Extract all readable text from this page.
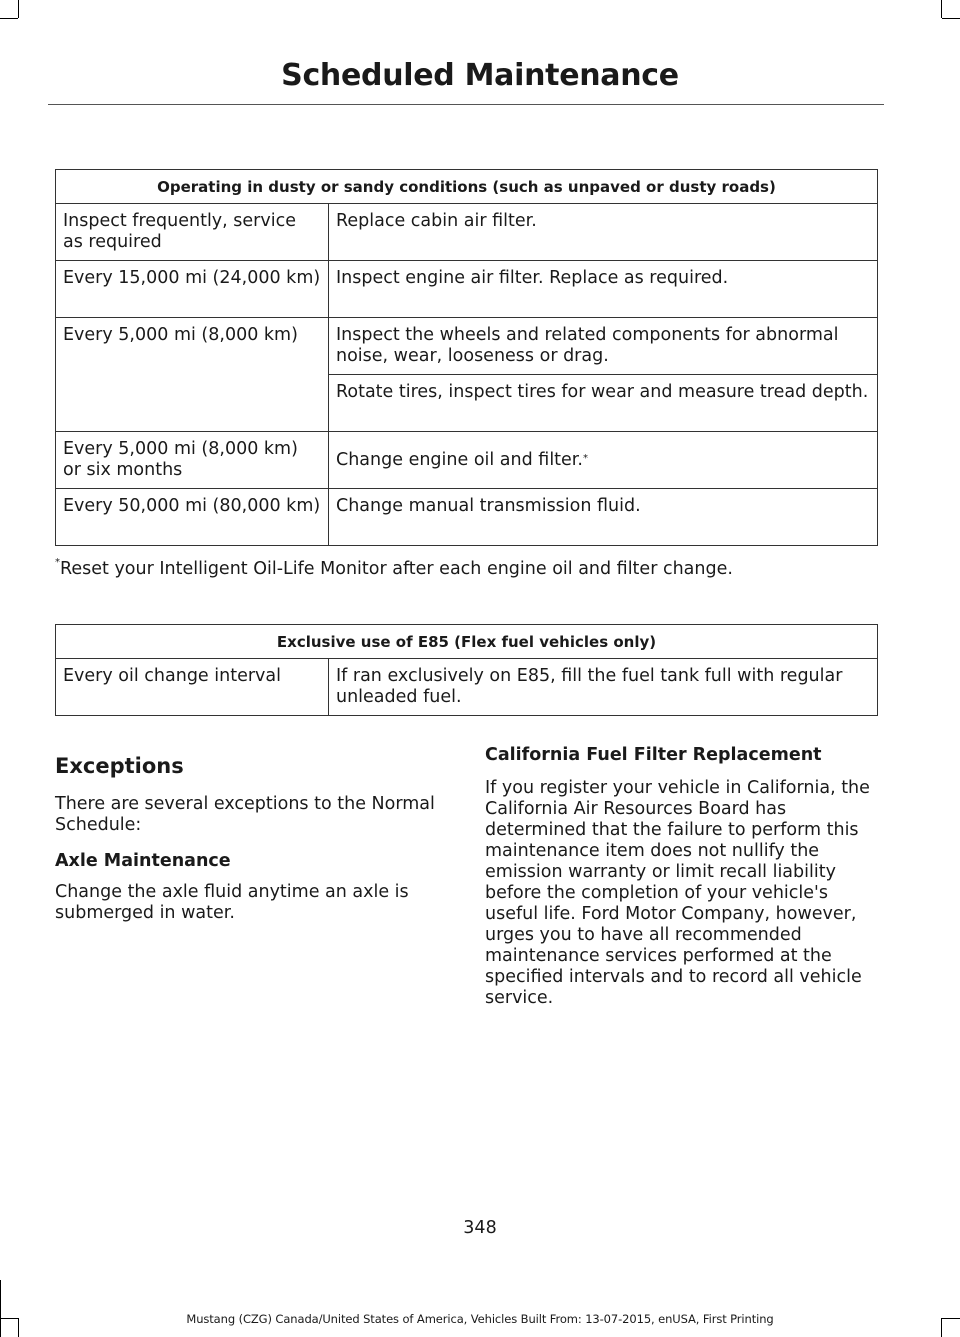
Scheduled Maintenance
Operating in dusty or sandy conditions (such as unpaved or dusty roads)	
Inspect frequently, service as required	Replace cabin air filter.
Every 15,000 mi (24,000 km)	Inspect engine air filter. Replace as required.
Every 5,000 mi (8,000 km)	Inspect the wheels and related components for abnormal noise, wear, looseness or drag.
	Rotate tires, inspect tires for wear and measure tread depth.
Every 5,000 mi (8,000 km) or six months	Change engine oil and filter.*
Every 50,000 mi (80,000 km)	Change manual transmission fluid.
*Reset your Intelligent Oil-Life Monitor after each engine oil and filter change.
Exclusive use of E85 (Flex fuel vehicles only)
Every oil change interval	If ran exclusively on E85, fill the fuel tank full with regular unleaded fuel.
Exceptions

There are several exceptions to the Normal Schedule:

Axle Maintenance

Change the axle fluid anytime an axle is submerged in water.

California Fuel Filter Replacement

If you register your vehicle in California, the California Air Resources Board has determined that the failure to perform this maintenance item does not nullify the emission warranty or limit recall liability before the completion of your vehicle's useful life. Ford Motor Company, however, urges you to have all recommended maintenance services performed at the specified intervals and to record all vehicle service.

348
Mustang (CZG) Canada/United States of America, Vehicles Built From: 13-07-2015, enUSA, First Printing
